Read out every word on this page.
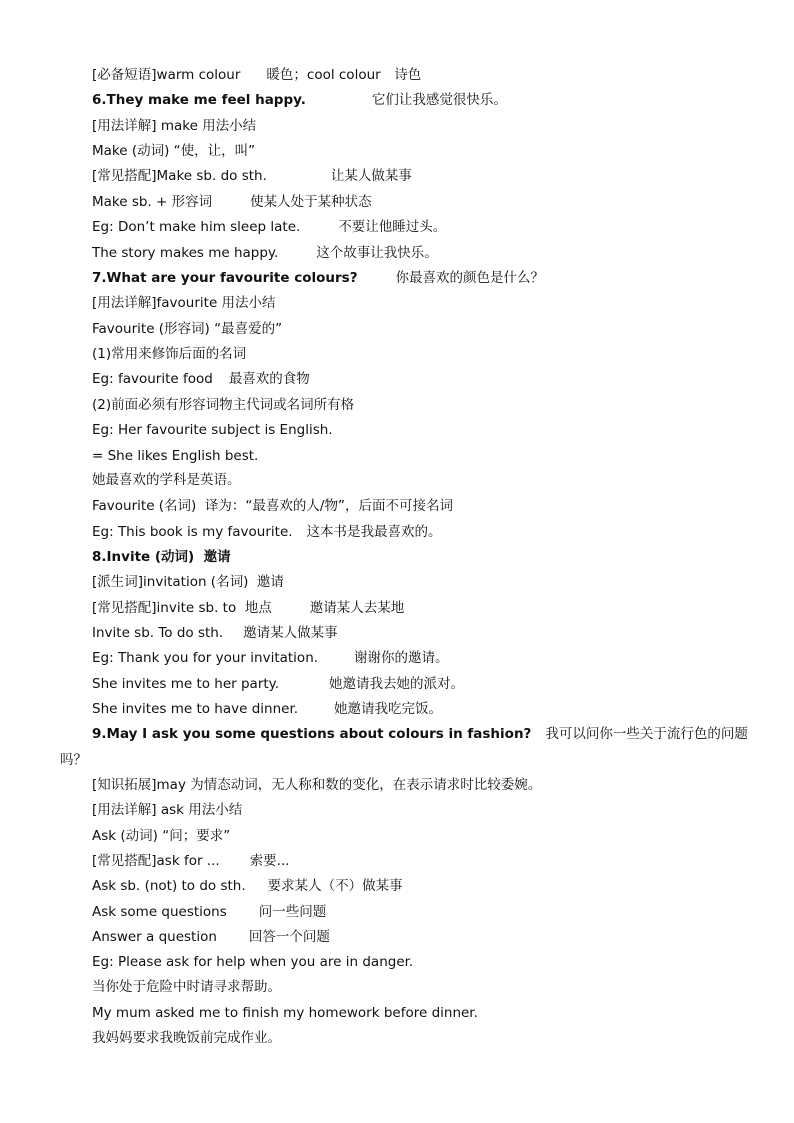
[必备短语]warm colour 暖色；cool colour　诗色
6.They make me feel happy.	它们让我感觉很快乐。
[用法详解] make 用法小结
Make (动词) “使，让，叫”
[常见搭配]Make sb. do sth.	让某人做某事
Make sb. + 形容词	使某人处于某种状态
Eg: Don’t make him sleep late.	不要让他睡过头。
The story makes me happy.	这个故事让我快乐。
7.What are your favourite colours?	你最喜欢的颜色是什么？
[用法详解]favourite 用法小结
Favourite (形容词) “最喜爱的”
(1)常用来修饰后面的名词
Eg: favourite food 最喜欢的食物
(2)前面必须有形容词物主代词或名词所有格
Eg: Her favourite subject is English.
= She likes English best.
她最喜欢的学科是英语。
Favourite (名词)  译为：“最喜欢的人/物”，后面不可接名词
Eg: This book is my favourite. 这本书是我最喜欢的。
8.Invite (动词)  邀请
[派生词]invitation (名词)  邀请
[常见搭配]invite sb. to  地点	邀请某人去某地
Invite sb. To do sth. 邀请某人做某事
Eg: Thank you for your invitation.	谢谢你的邀请。
She invites me to her party.	她邀请我去她的派对。
She invites me to have dinner.	她邀请我吃完饭。
9.May I ask you some questions about colours in fashion? 我可以问你一些关于流行色的问题
吗？
[知识拓展]may 为情态动词，无人称和数的变化，在表示请求时比较委婉。
[用法详解] ask 用法小结
Ask (动词) “问；要求”
[常见搭配]ask for ... 索要...
Ask sb. (not) to do sth. 要求某人（不）做某事
Ask some questions 问一些问题
Answer a question 回答一个问题
Eg: Please ask for help when you are in danger.
当你处于危险中时请寻求帮助。
My mum asked me to finish my homework before dinner.
我妈妈要求我晚饭前完成作业。
